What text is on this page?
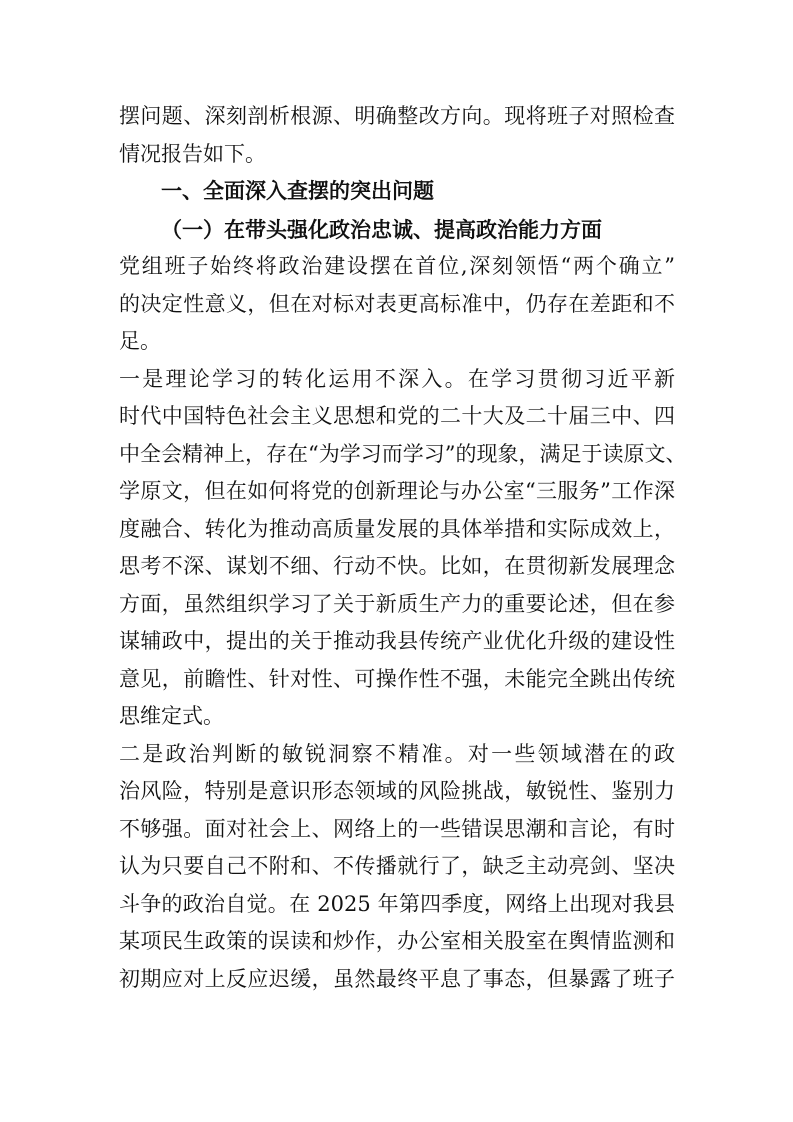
摆问题、深刻剖析根源、明确整改方向。现将班子对照检查
情况报告如下。
一、全面深入查摆的突出问题
（一）在带头强化政治忠诚、提高政治能力方面
党组班子始终将政治建设摆在首位,深刻领悟“两个确立”
的决定性意义，但在对标对表更高标准中，仍存在差距和不
足。
一是理论学习的转化运用不深入。在学习贯彻习近平新
时代中国特色社会主义思想和党的二十大及二十届三中、四
中全会精神上，存在“为学习而学习”的现象，满足于读原文、
学原文，但在如何将党的创新理论与办公室“三服务”工作深
度融合、转化为推动高质量发展的具体举措和实际成效上，
思考不深、谋划不细、行动不快。比如，在贯彻新发展理念
方面，虽然组织学习了关于新质生产力的重要论述，但在参
谋辅政中，提出的关于推动我县传统产业优化升级的建设性
意见，前瞻性、针对性、可操作性不强，未能完全跳出传统
思维定式。
二是政治判断的敏锐洞察不精准。对一些领域潜在的政
治风险，特别是意识形态领域的风险挑战，敏锐性、鉴别力
不够强。面对社会上、网络上的一些错误思潮和言论，有时
认为只要自己不附和、不传播就行了，缺乏主动亮剑、坚决
斗争的政治自觉。在 2025 年第四季度，网络上出现对我县
某项民生政策的误读和炒作，办公室相关股室在舆情监测和
初期应对上反应迟缓，虽然最终平息了事态，但暴露了班子
